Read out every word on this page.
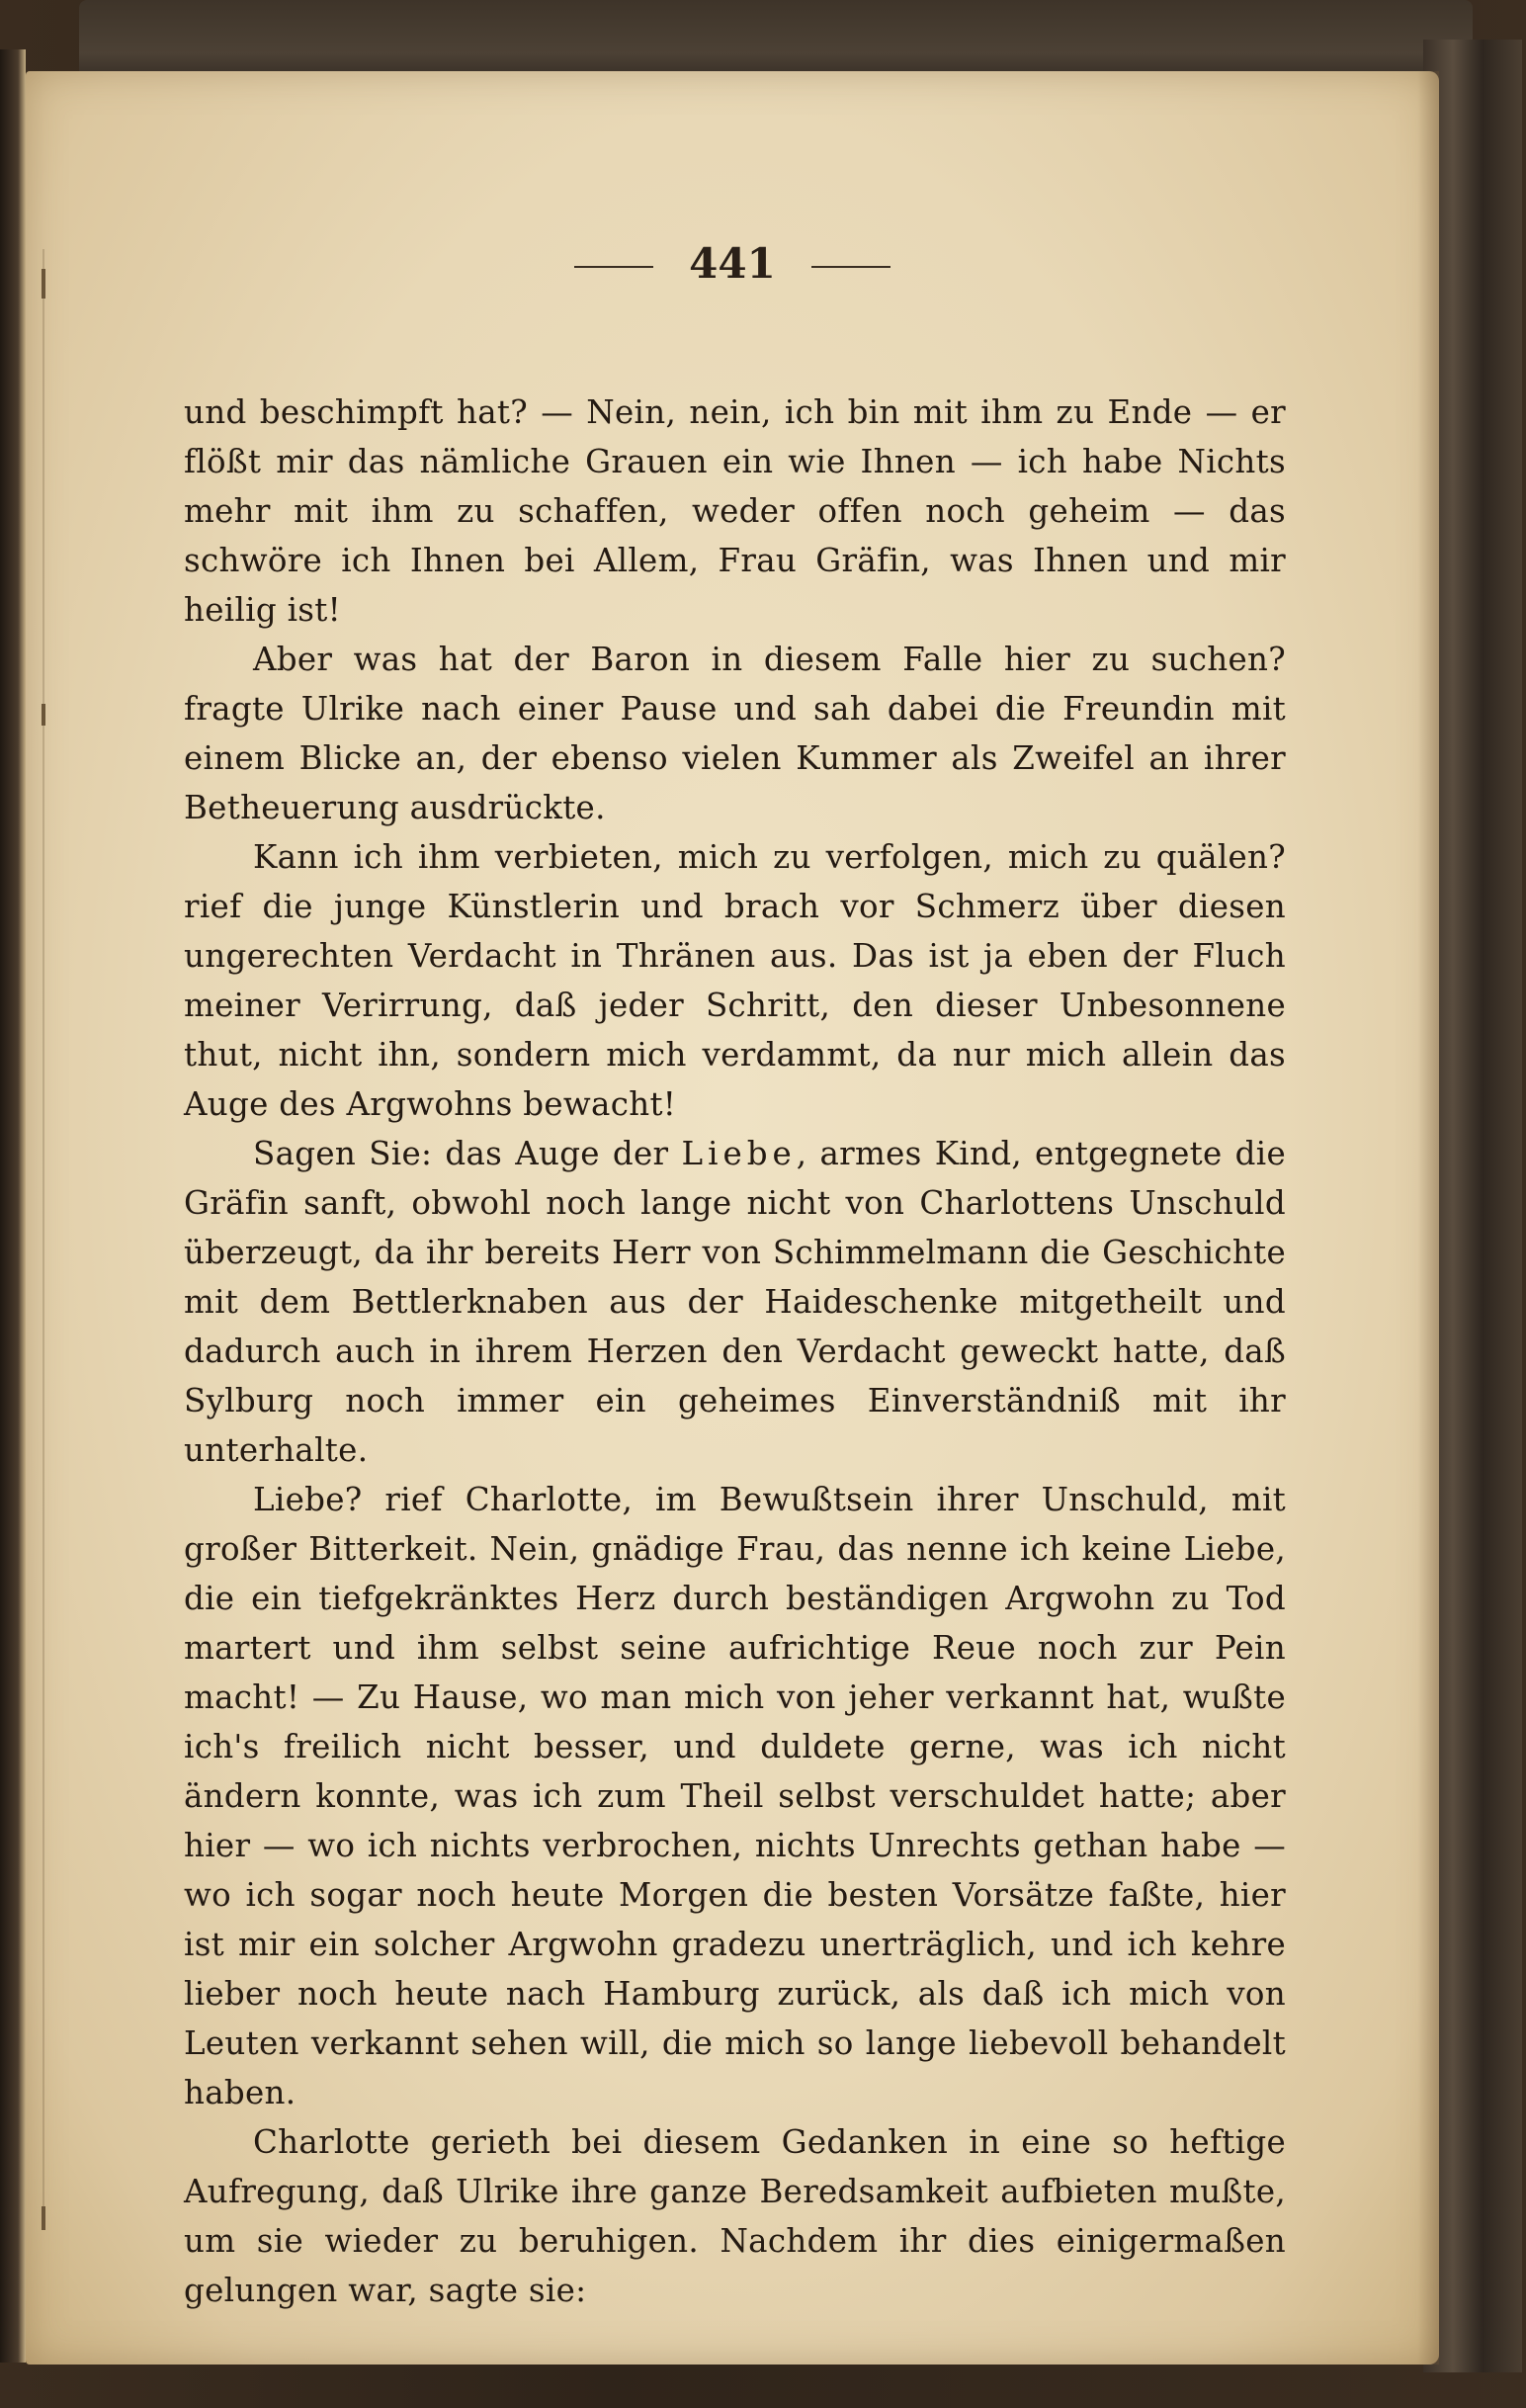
441

und beschimpft hat? — Nein, nein, ich bin mit ihm zu Ende — er flößt mir das nämliche Grauen ein wie Ihnen — ich habe Nichts mehr mit ihm zu schaffen, weder offen noch geheim — das schwöre ich Ihnen bei Allem, Frau Gräfin, was Ihnen und mir heilig ist!

Aber was hat der Baron in diesem Falle hier zu suchen? fragte Ulrike nach einer Pause und sah dabei die Freundin mit einem Blicke an, der ebenso vielen Kummer als Zweifel an ihrer Betheuerung ausdrückte.

Kann ich ihm verbieten, mich zu verfolgen, mich zu quälen? rief die junge Künstlerin und brach vor Schmerz über diesen ungerechten Verdacht in Thränen aus. Das ist ja eben der Fluch meiner Verirrung, daß jeder Schritt, den dieser Unbesonnene thut, nicht ihn, sondern mich verdammt, da nur mich allein das Auge des Argwohns bewacht!

Sagen Sie: das Auge der Liebe, armes Kind, entgegnete die Gräfin sanft, obwohl noch lange nicht von Charlottens Unschuld überzeugt, da ihr bereits Herr von Schimmelmann die Geschichte mit dem Bettlerknaben aus der Haideschenke mitgetheilt und dadurch auch in ihrem Herzen den Verdacht geweckt hatte, daß Sylburg noch immer ein geheimes Einverständniß mit ihr unterhalte.

Liebe? rief Charlotte, im Bewußtsein ihrer Unschuld, mit großer Bitterkeit. Nein, gnädige Frau, das nenne ich keine Liebe, die ein tiefgekränktes Herz durch beständigen Argwohn zu Tod martert und ihm selbst seine aufrichtige Reue noch zur Pein macht! — Zu Hause, wo man mich von jeher verkannt hat, wußte ich's freilich nicht besser, und duldete gerne, was ich nicht ändern konnte, was ich zum Theil selbst verschuldet hatte; aber hier — wo ich nichts verbrochen, nichts Unrechts gethan habe — wo ich sogar noch heute Morgen die besten Vorsätze faßte, hier ist mir ein solcher Argwohn gradezu unerträglich, und ich kehre lieber noch heute nach Hamburg zurück, als daß ich mich von Leuten verkannt sehen will, die mich so lange liebevoll behandelt haben.

Charlotte gerieth bei diesem Gedanken in eine so heftige Aufregung, daß Ulrike ihre ganze Beredsamkeit aufbieten mußte, um sie wieder zu beruhigen. Nachdem ihr dies einigermaßen gelungen war, sagte sie:
